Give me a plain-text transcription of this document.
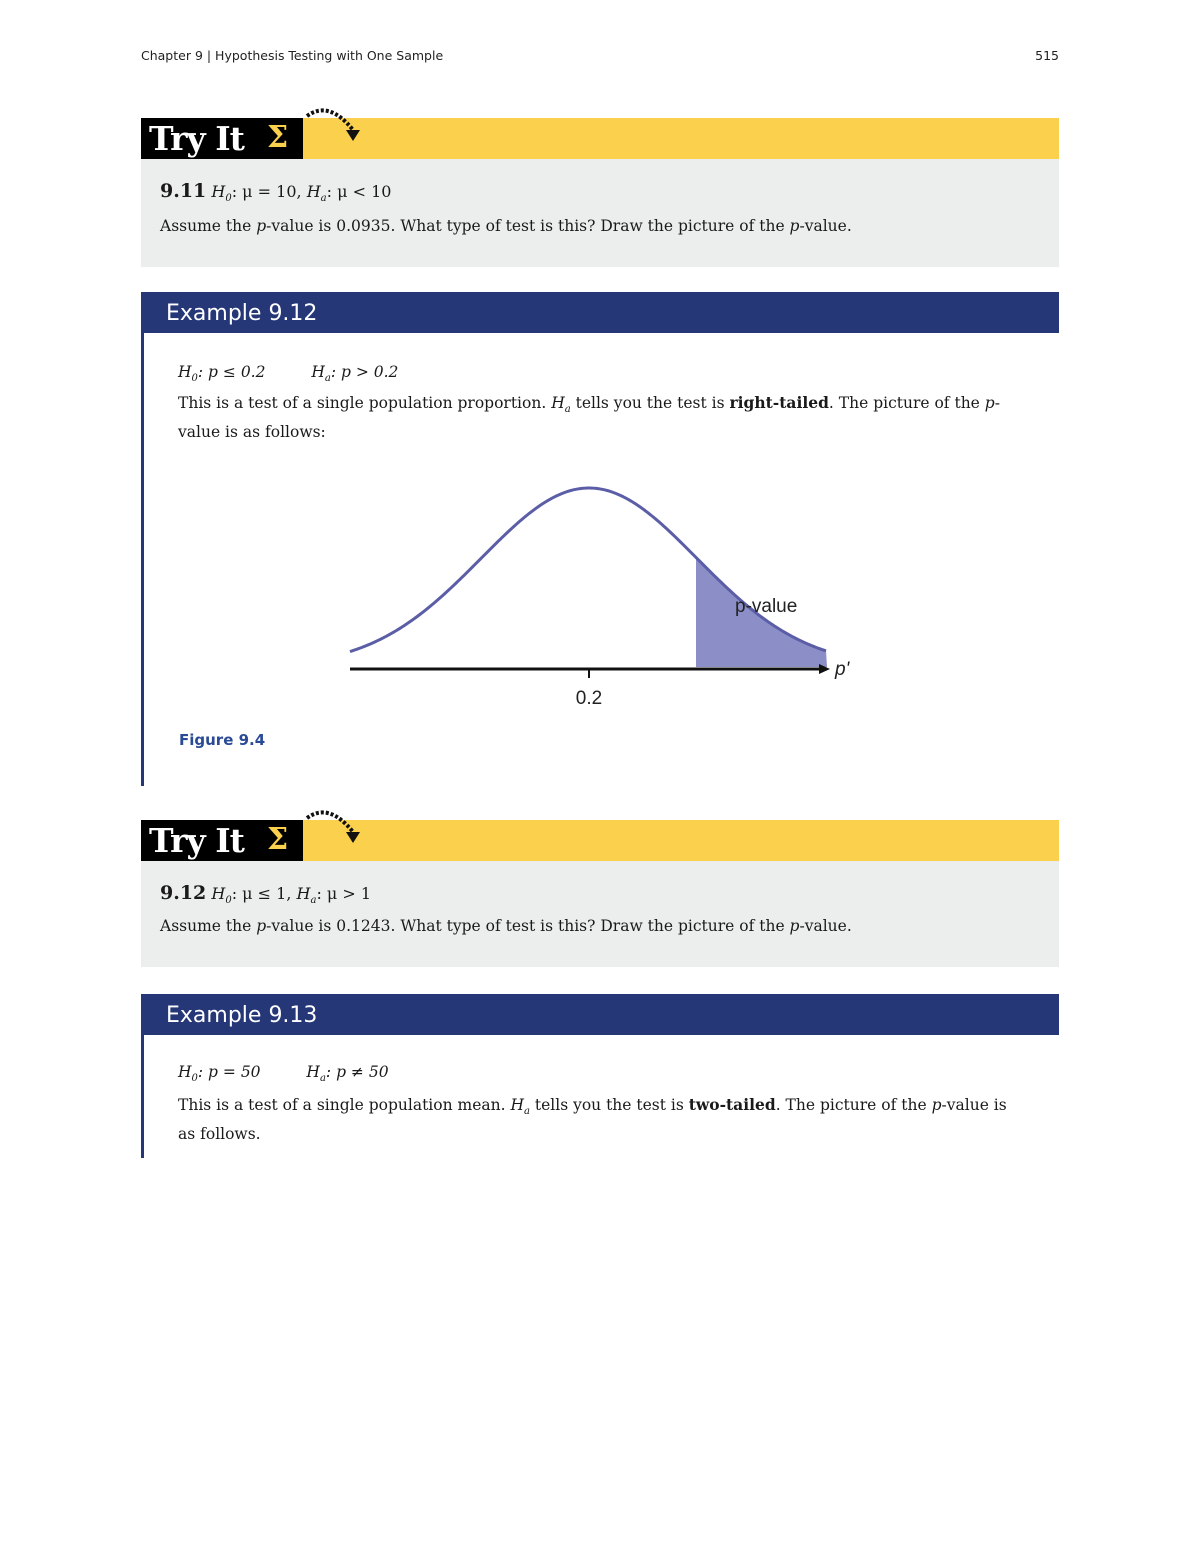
Chapter 9 | Hypothesis Testing with One Sample	515
Try It Σ
9.11 $H_0$: μ = 10, $H_a$: μ < 10
Assume the p-value is 0.0935. What type of test is this? Draw the picture of the p-value.
Example 9.12
$H_0$: p ≤ 0.2	$H_a$: p > 0.2
This is a test of a single population proportion. $H_a$ tells you the test is right-tailed. The picture of the p-value is as follows:
0.2
p'
p-value
Figure 9.4
Try It Σ
9.12 $H_0$: μ ≤ 1, $H_a$: μ > 1
Assume the p-value is 0.1243. What type of test is this? Draw the picture of the p-value.
Example 9.13
$H_0$: p = 50	$H_a$: p ≠ 50
This is a test of a single population mean. $H_a$ tells you the test is two-tailed. The picture of the p-value is as follows.
